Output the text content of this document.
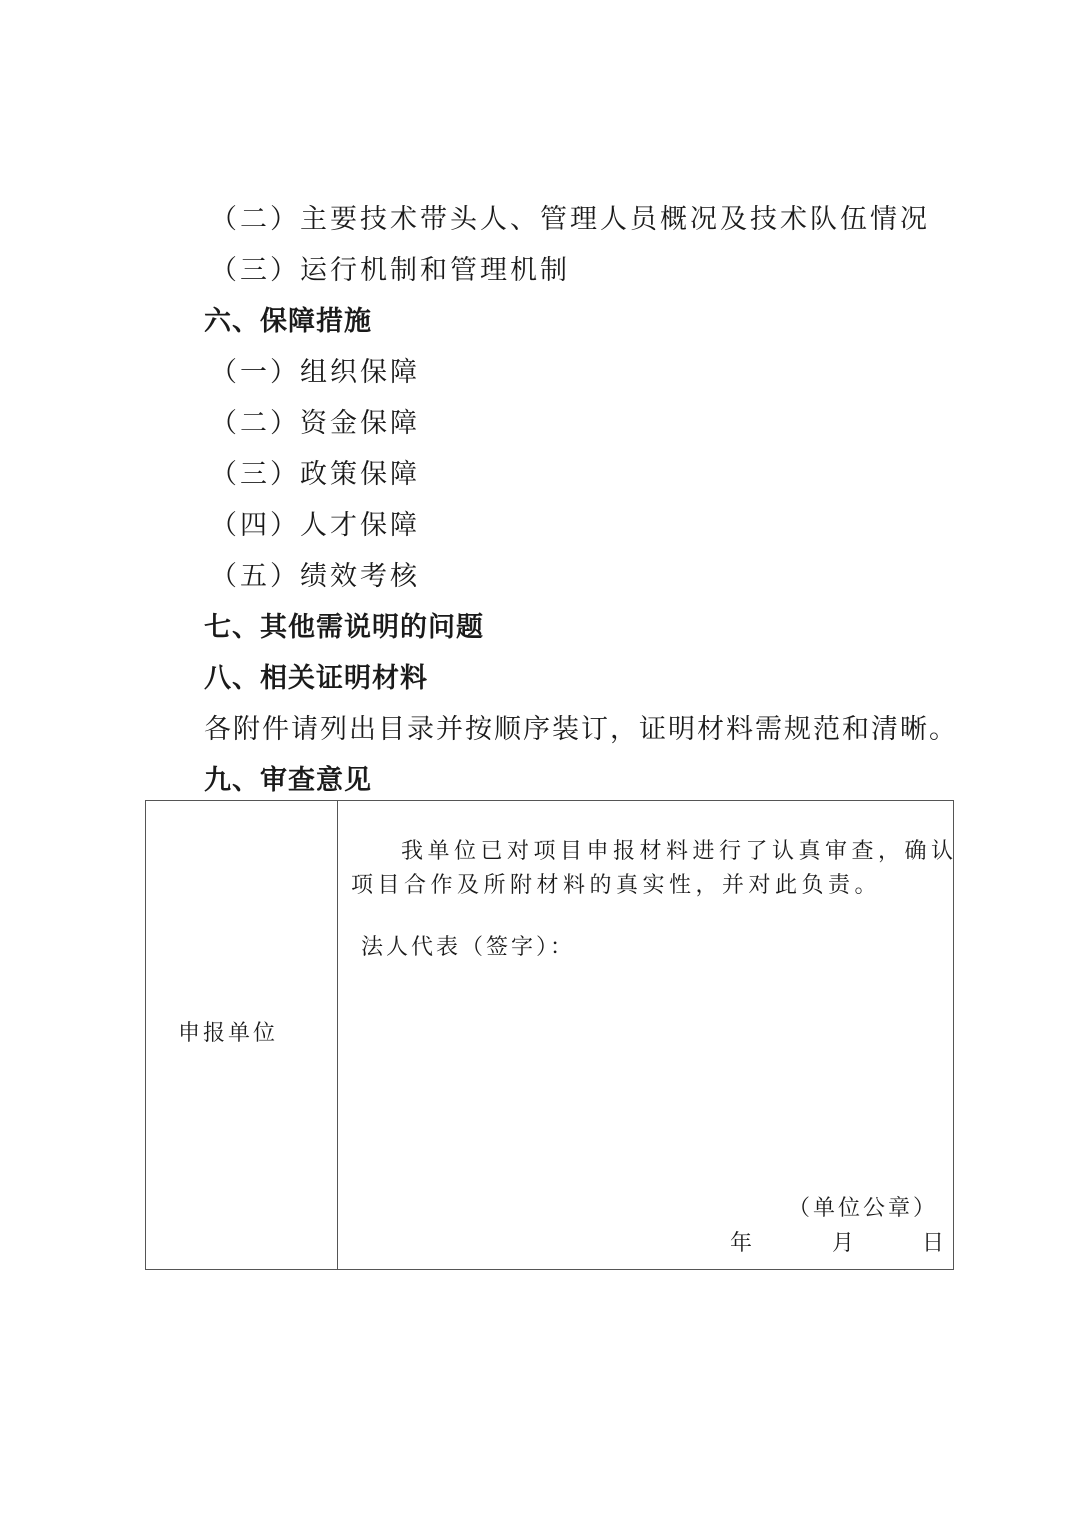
（二）主要技术带头人、管理人员概况及技术队伍情况
（三）运行机制和管理机制
六、保障措施
（一）组织保障
（二）资金保障
（三）政策保障
（四）人才保障
（五）绩效考核
七、其他需说明的问题
八、相关证明材料
各附件请列出目录并按顺序装订，证明材料需规范和清晰。
九、审查意见
申报单位
我单位已对项目申报材料进行了认真审查，确认
项目合作及所附材料的真实性，并对此负责。
法人代表（签字）：
（单位公章）
年	月	日
